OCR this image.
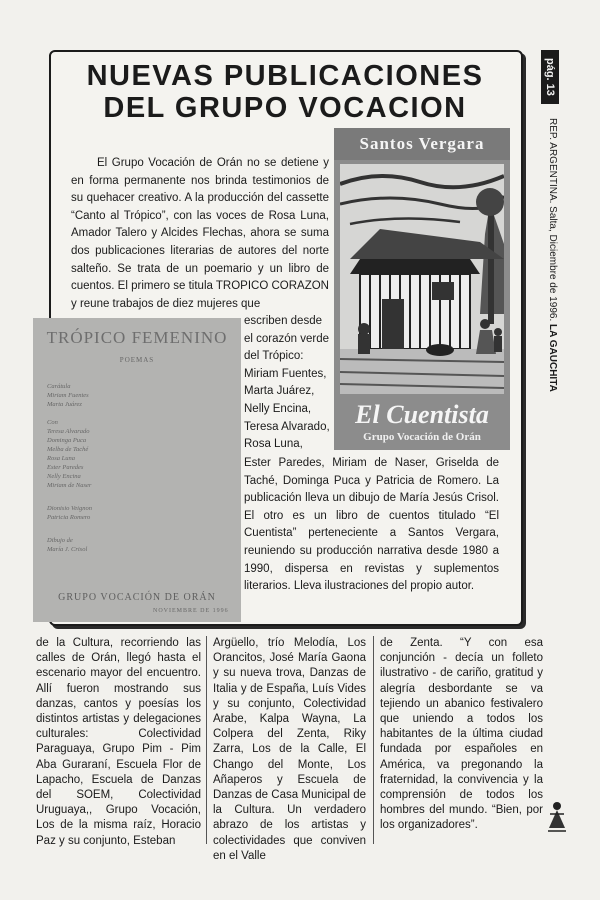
pág. 13
REP. ARGENTINA. Salta, Diciembre de 1996. LA GAUCHITA
NUEVAS PUBLICACIONES
DEL GRUPO VOCACION

El Grupo Vocación de Orán no se detiene y en forma permanente nos brinda testimonios de su quehacer creativo. A la producción del cassette “Canto al Trópico”, con las voces de Rosa Luna, Amador Talero y Alcides Flechas, ahora se suma dos publicaciones literarias de autores del norte salteño. Se trata de un poemario y un libro de cuentos. El primero se titula TROPICO CORAZON y reune trabajos de diez mujeres que

escriben desde el corazón verde del Trópico: Miriam Fuentes, Marta Juárez, Nelly Encina, Teresa Alvarado, Rosa Luna,

Ester Paredes, Miriam de Naser, Griselda de Taché, Dominga Puca y Patricia de Romero. La publicación lleva un dibujo de María Jesús Crisol. El otro es un libro de cuentos titulado “El Cuentista” perteneciente a Santos Vergara, reuniendo su producción narrativa desde 1980 a 1990, dispersa en revistas y suplementos literarios. Lleva ilustraciones del propio autor.

Santos Vergara
El Cuentista
Grupo Vocación de Orán
TRÓPICO FEMENINO
POEMAS
Carátula
Miriam Fuentes
Marta Juárez
Con
Teresa Alvarado
Dominga Puca
Melba de Taché
Rosa Luna
Ester Paredes
Nelly Encina
Miriam de Naser
Dionisio Veignon
Patricia Romero
Dibujo de
María J. Crisol
GRUPO VOCACIÓN DE ORÁN
NOVIEMBRE DE 1996

de la Cultura, recorriendo las calles de Orán, llegó hasta el escenario mayor del encuentro. Allí fueron mostrando sus danzas, cantos y poesías los distintos artistas y delegaciones culturales: Colectividad Paraguaya, Grupo Pim - Pim Aba Guraraní, Escuela Flor de Lapacho, Escuela de Danzas del SOEM, Colectividad Uruguaya,, Grupo Vocación, Los de la misma raíz, Horacio Paz y su conjunto, Esteban

Argüello, trío Melodía, Los Orancitos, José María Gaona y su nueva trova, Danzas de Italia y de España, Luís Vides y su conjunto, Colectividad Arabe, Kalpa Wayna, La Colpera del Zenta, Riky Zarra, Los de la Calle, El Chango del Monte, Los Añaperos y Escuela de Danzas de Casa Municipal de la Cultura. Un verdadero abrazo de los artistas y colectividades que conviven en el Valle

de Zenta. “Y con esa conjunción - decía un folleto ilustrativo - de cariño, gratitud y alegría desbordante se va tejiendo un abanico festivalero que uniendo a todos los habitantes de la última ciudad fundada por españoles en América, va pregonando la fraternidad, la convivencia y la comprensión de todos los hombres del mundo. “Bien, por los organizadores”.
